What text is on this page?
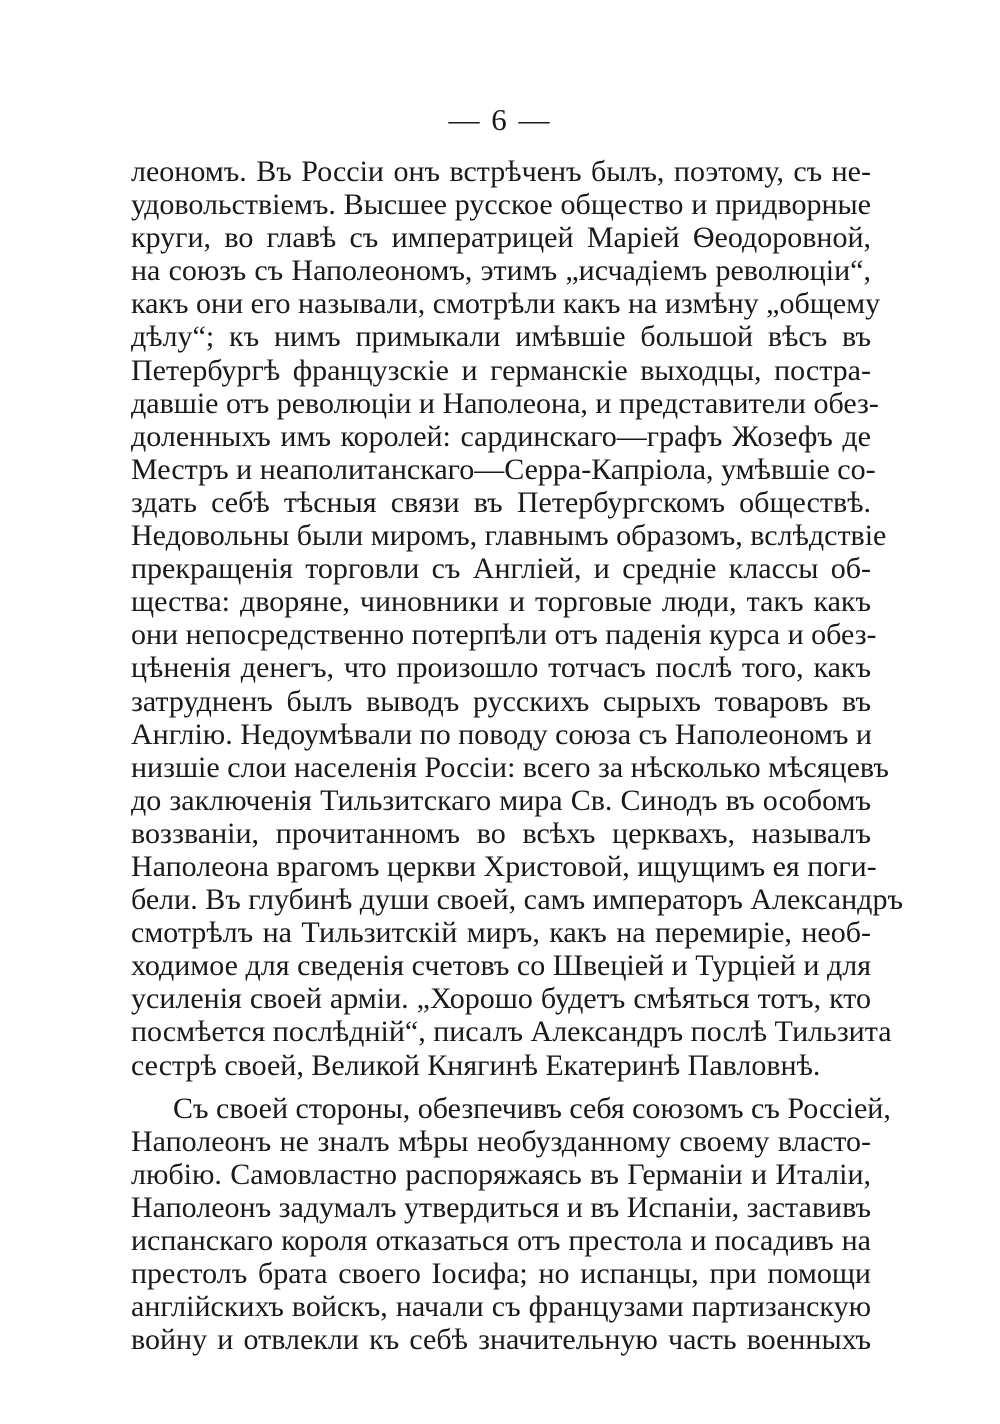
— 6 —
леономъ. Въ Россіи онъ встрѣченъ былъ, поэтому, съ не-
удовольствіемъ. Высшее русское общество и придворные
круги, во главѣ съ императрицей Маріей Ѳеодоровной,
на союзъ съ Наполеономъ, этимъ „исчадіемъ революціи“,
какъ они его называли, смотрѣли какъ на измѣну „общему
дѣлу“; къ нимъ примыкали имѣвшіе большой вѣсъ въ
Петербургѣ французскіе и германскіе выходцы, постра-
давшіе отъ революціи и Наполеона, и представители обез-
доленныхъ имъ королей: сардинскаго—графъ Жозефъ де
Местръ и неаполитанскаго—Серра-Капріола, умѣвшіе со-
здать себѣ тѣсныя связи въ Петербургскомъ обществѣ.
Недовольны были миромъ, главнымъ образомъ, вслѣдствіе
прекращенія торговли съ Англіей, и средніе классы об-
щества: дворяне, чиновники и торговые люди, такъ какъ
они непосредственно потерпѣли отъ паденія курса и обез-
цѣненія денегъ, что произошло тотчасъ послѣ того, какъ
затрудненъ былъ выводъ русскихъ сырыхъ товаровъ въ
Англію. Недоумѣвали по поводу союза съ Наполеономъ и
низшіе слои населенія Россіи: всего за нѣсколько мѣсяцевъ
до заключенія Тильзитскаго мира Св. Синодъ въ особомъ
воззваніи, прочитанномъ во всѣхъ церквахъ, называлъ
Наполеона врагомъ церкви Христовой, ищущимъ ея поги-
бели. Въ глубинѣ души своей, самъ императоръ Александръ
смотрѣлъ на Тильзитскій миръ, какъ на перемиріе, необ-
ходимое для сведенія счетовъ со Швеціей и Турціей и для
усиленія своей арміи. „Хорошо будетъ смѣяться тотъ, кто
посмѣется послѣдній“, писалъ Александръ послѣ Тильзита
сестрѣ своей, Великой Княгинѣ Екатеринѣ Павловнѣ.
Съ своей стороны, обезпечивъ себя союзомъ съ Россіей,
Наполеонъ не зналъ мѣры необузданному своему власто-
любію. Самовластно распоряжаясь въ Германіи и Италіи,
Наполеонъ задумалъ утвердиться и въ Испаніи, заставивъ
испанскаго короля отказаться отъ престола и посадивъ на
престолъ брата своего Іосифа; но испанцы, при помощи
англійскихъ войскъ, начали съ французами партизанскую
войну и отвлекли къ себѣ значительную часть военныхъ
